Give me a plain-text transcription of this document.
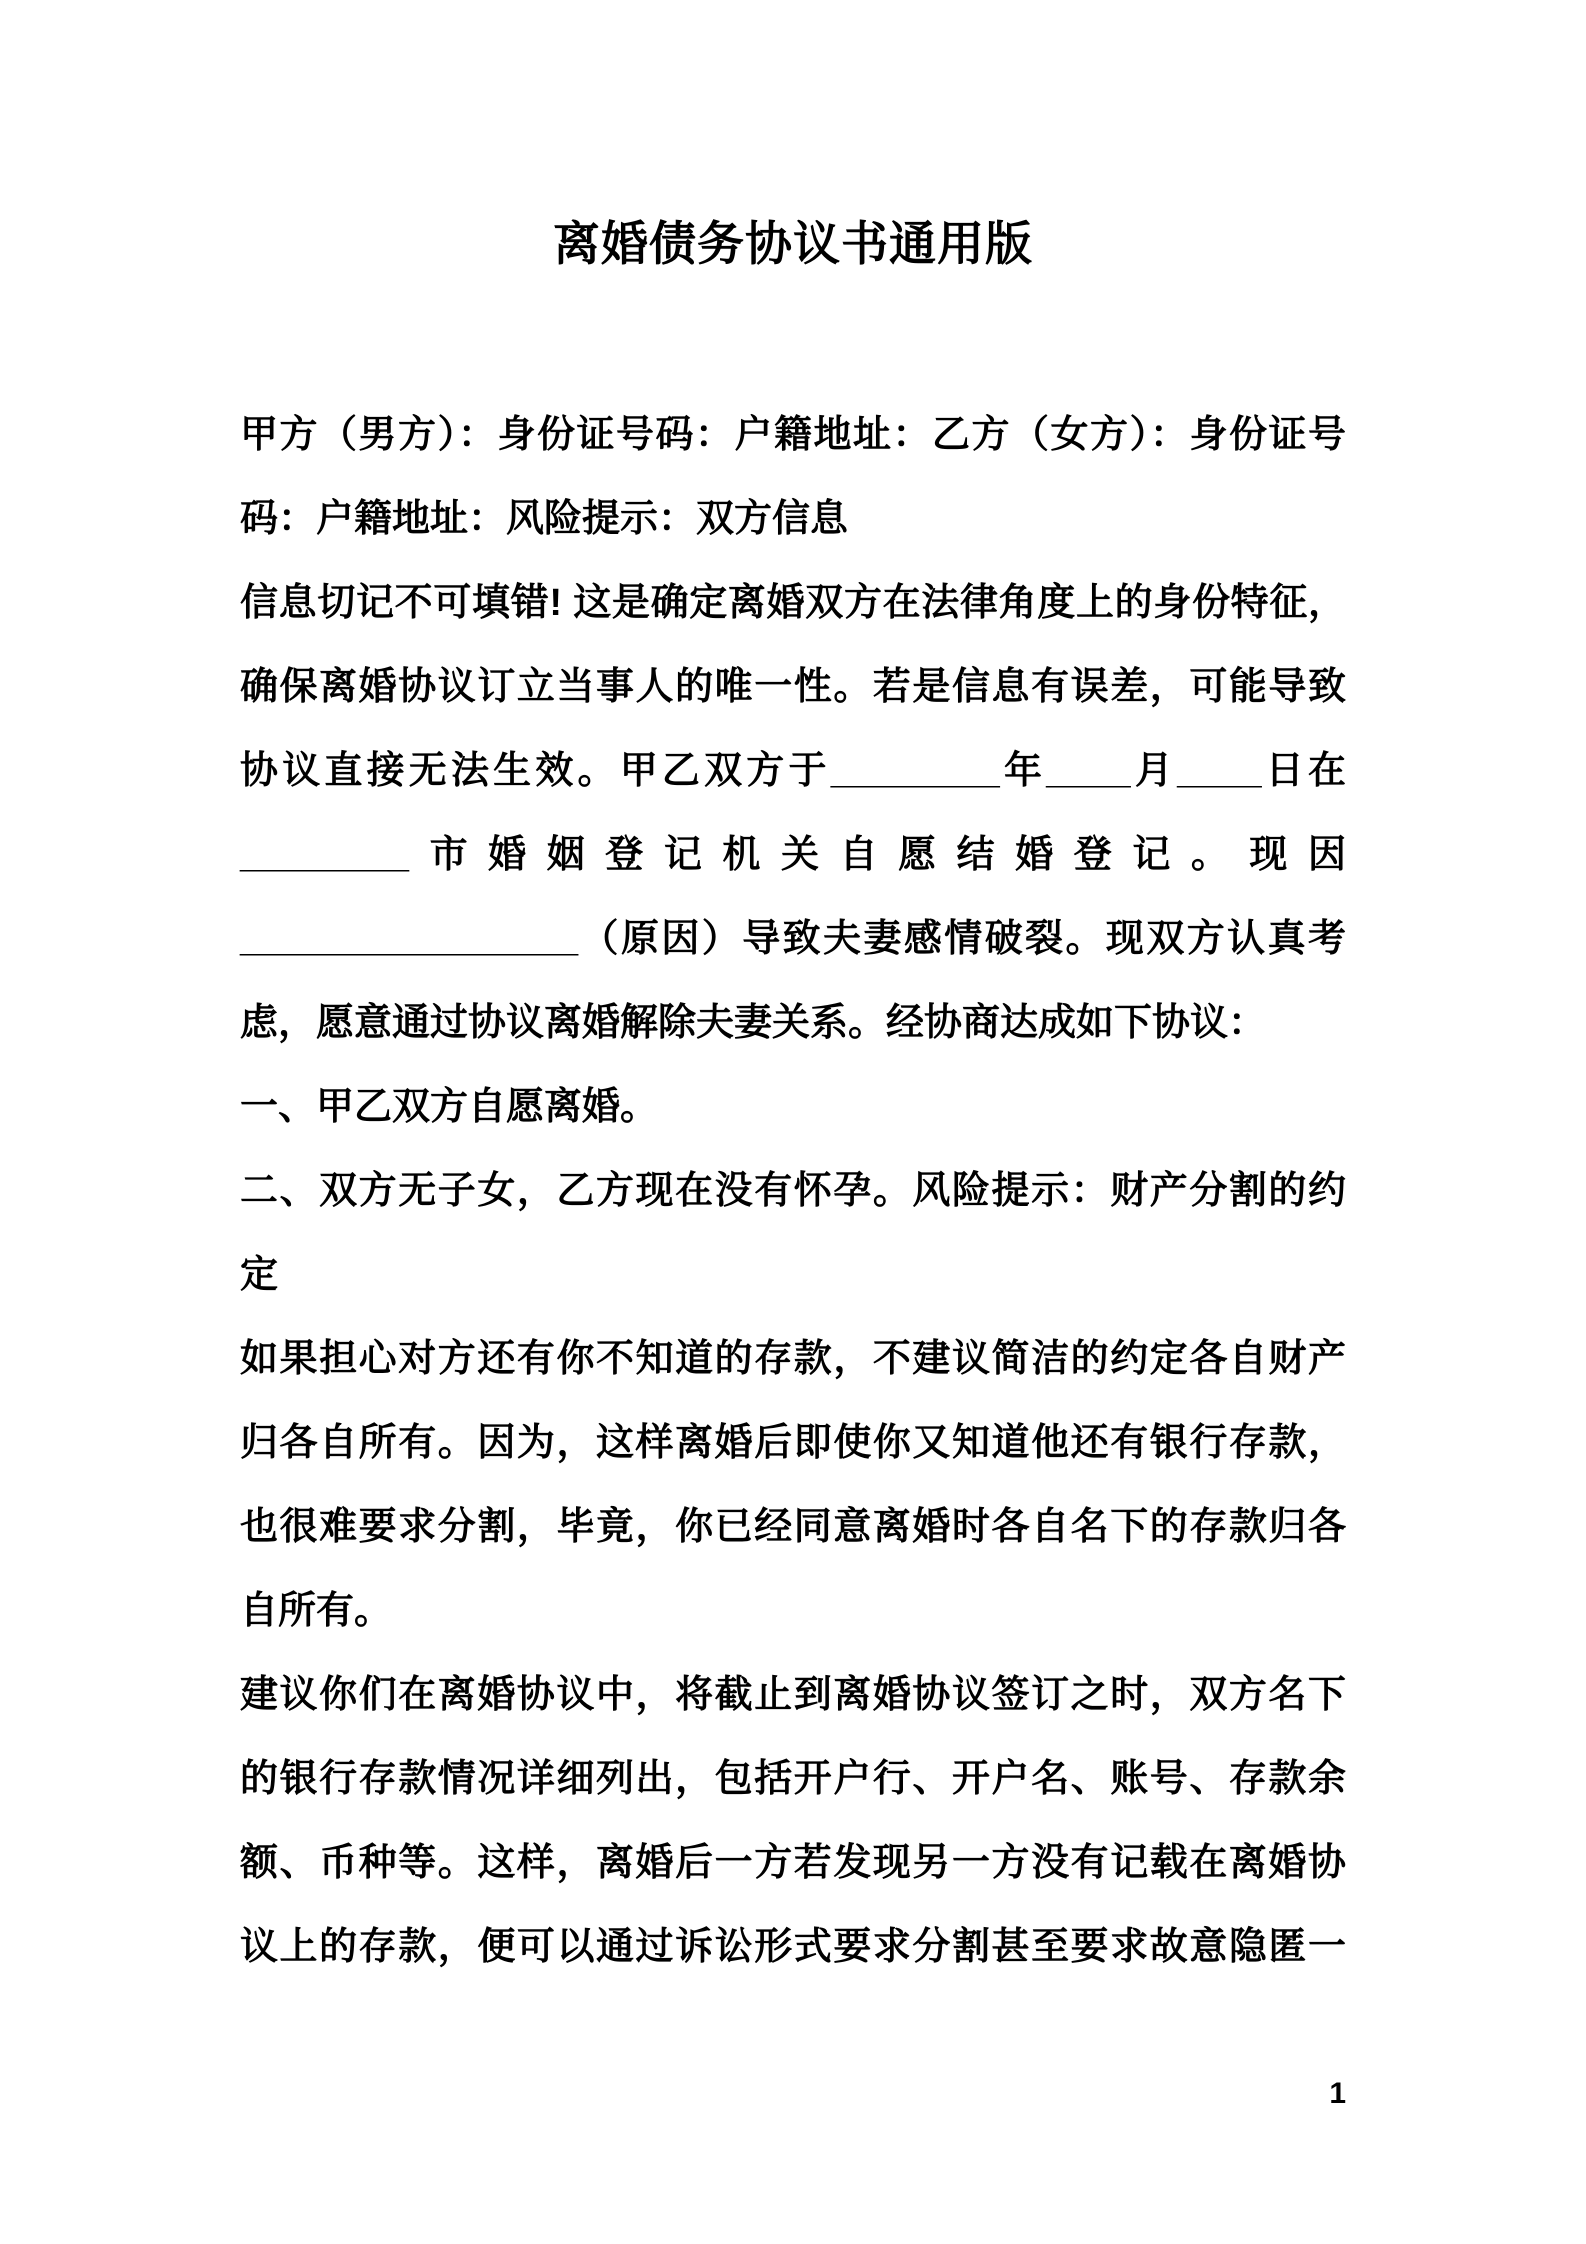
离婚债务协议书通用版
甲方（男方）：身份证号码：户籍地址：乙方（女方）：身份证号
码：户籍地址：风险提示：双方信息
信息切记不可填错! 这是确定离婚双方在法律角度上的身份特征，
确保离婚协议订立当事人的唯一性。若是信息有误差，可能导致
协议直接无法生效。甲乙双方于________年____月____日在
________市婚姻登记机关自愿结婚登记。现因
________________（原因）导致夫妻感情破裂。现双方认真考
虑，愿意通过协议离婚解除夫妻关系。经协商达成如下协议：
一、甲乙双方自愿离婚。
二、双方无子女，乙方现在没有怀孕。风险提示：财产分割的约
定
如果担心对方还有你不知道的存款，不建议简洁的约定各自财产
归各自所有。因为，这样离婚后即使你又知道他还有银行存款，
也很难要求分割，毕竟，你已经同意离婚时各自名下的存款归各
自所有。
建议你们在离婚协议中，将截止到离婚协议签订之时，双方名下
的银行存款情况详细列出，包括开户行、开户名、账号、存款余
额、币种等。这样，离婚后一方若发现另一方没有记载在离婚协
议上的存款，便可以通过诉讼形式要求分割甚至要求故意隐匿一
1
